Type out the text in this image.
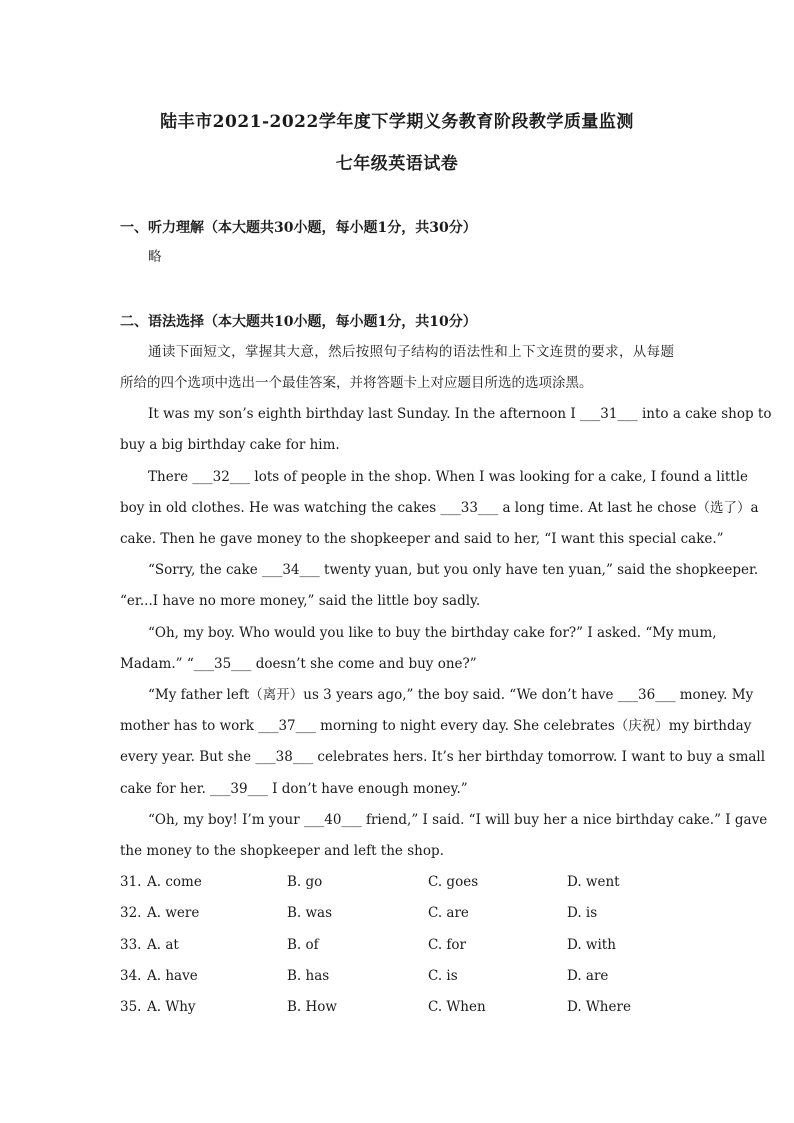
陆丰市2021-2022学年度下学期义务教育阶段教学质量监测
七年级英语试卷
一、听力理解（本大题共30小题，每小题1分，共30分）
略
二、语法选择（本大题共10小题，每小题1分，共10分）
通读下面短文，掌握其大意，然后按照句子结构的语法性和上下文连贯的要求，从每题
所给的四个选项中选出一个最佳答案，并将答题卡上对应题目所选的选项涂黑。
It was my son’s eighth birthday last Sunday. In the afternoon I ___31___ into a cake shop to
buy a big birthday cake for him.
There ___32___ lots of people in the shop. When I was looking for a cake, I found a little
boy in old clothes. He was watching the cakes ___33___ a long time. At last he chose（选了）a
cake. Then he gave money to the shopkeeper and said to her, “I want this special cake.”
“Sorry, the cake ___34___ twenty yuan, but you only have ten yuan,” said the shopkeeper.
“er...I have no more money,” said the little boy sadly.
“Oh, my boy. Who would you like to buy the birthday cake for?” I asked. “My mum,
Madam.” “___35___ doesn’t she come and buy one?”
“My father left（离开）us 3 years ago,” the boy said. “We don’t have ___36___ money. My
mother has to work ___37___ morning to night every day. She celebrates（庆祝）my birthday
every year. But she ___38___ celebrates hers. It’s her birthday tomorrow. I want to buy a small
cake for her. ___39___ I don’t have enough money.”
“Oh, my boy! I’m your ___40___ friend,” I said. “I will buy her a nice birthday cake.” I gave
the money to the shopkeeper and left the shop.
31. A. come	B. go	C. goes	D. went
32. A. were	B. was	C. are	D. is
33. A. at	B. of	C. for	D. with
34. A. have	B. has	C. is	D. are
35. A. Why	B. How	C. When	D. Where
